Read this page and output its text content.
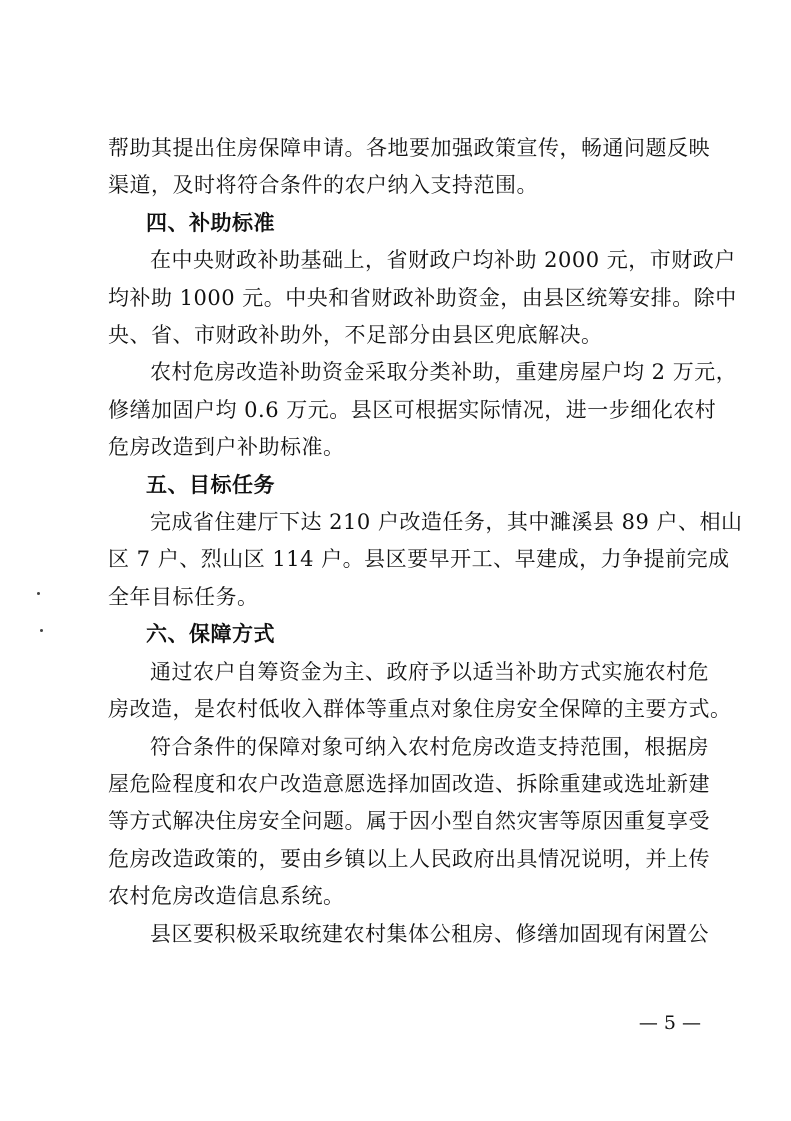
帮助其提出住房保障申请。各地要加强政策宣传，畅通问题反映
渠道，及时将符合条件的农户纳入支持范围。

四、补助标准

在中央财政补助基础上，省财政户均补助 2000 元，市财政户
均补助 1000 元。中央和省财政补助资金，由县区统筹安排。除中
央、省、市财政补助外，不足部分由县区兜底解决。

农村危房改造补助资金采取分类补助，重建房屋户均 2 万元，
修缮加固户均 0.6 万元。县区可根据实际情况，进一步细化农村
危房改造到户补助标准。

五、目标任务

完成省住建厅下达 210 户改造任务，其中濉溪县 89 户、相山
区 7 户、烈山区 114 户。县区要早开工、早建成，力争提前完成
全年目标任务。

六、保障方式

通过农户自筹资金为主、政府予以适当补助方式实施农村危
房改造，是农村低收入群体等重点对象住房安全保障的主要方式。

符合条件的保障对象可纳入农村危房改造支持范围，根据房
屋危险程度和农户改造意愿选择加固改造、拆除重建或选址新建
等方式解决住房安全问题。属于因小型自然灾害等原因重复享受
危房改造政策的，要由乡镇以上人民政府出具情况说明，并上传
农村危房改造信息系统。

县区要积极采取统建农村集体公租房、修缮加固现有闲置公

— 5 —
